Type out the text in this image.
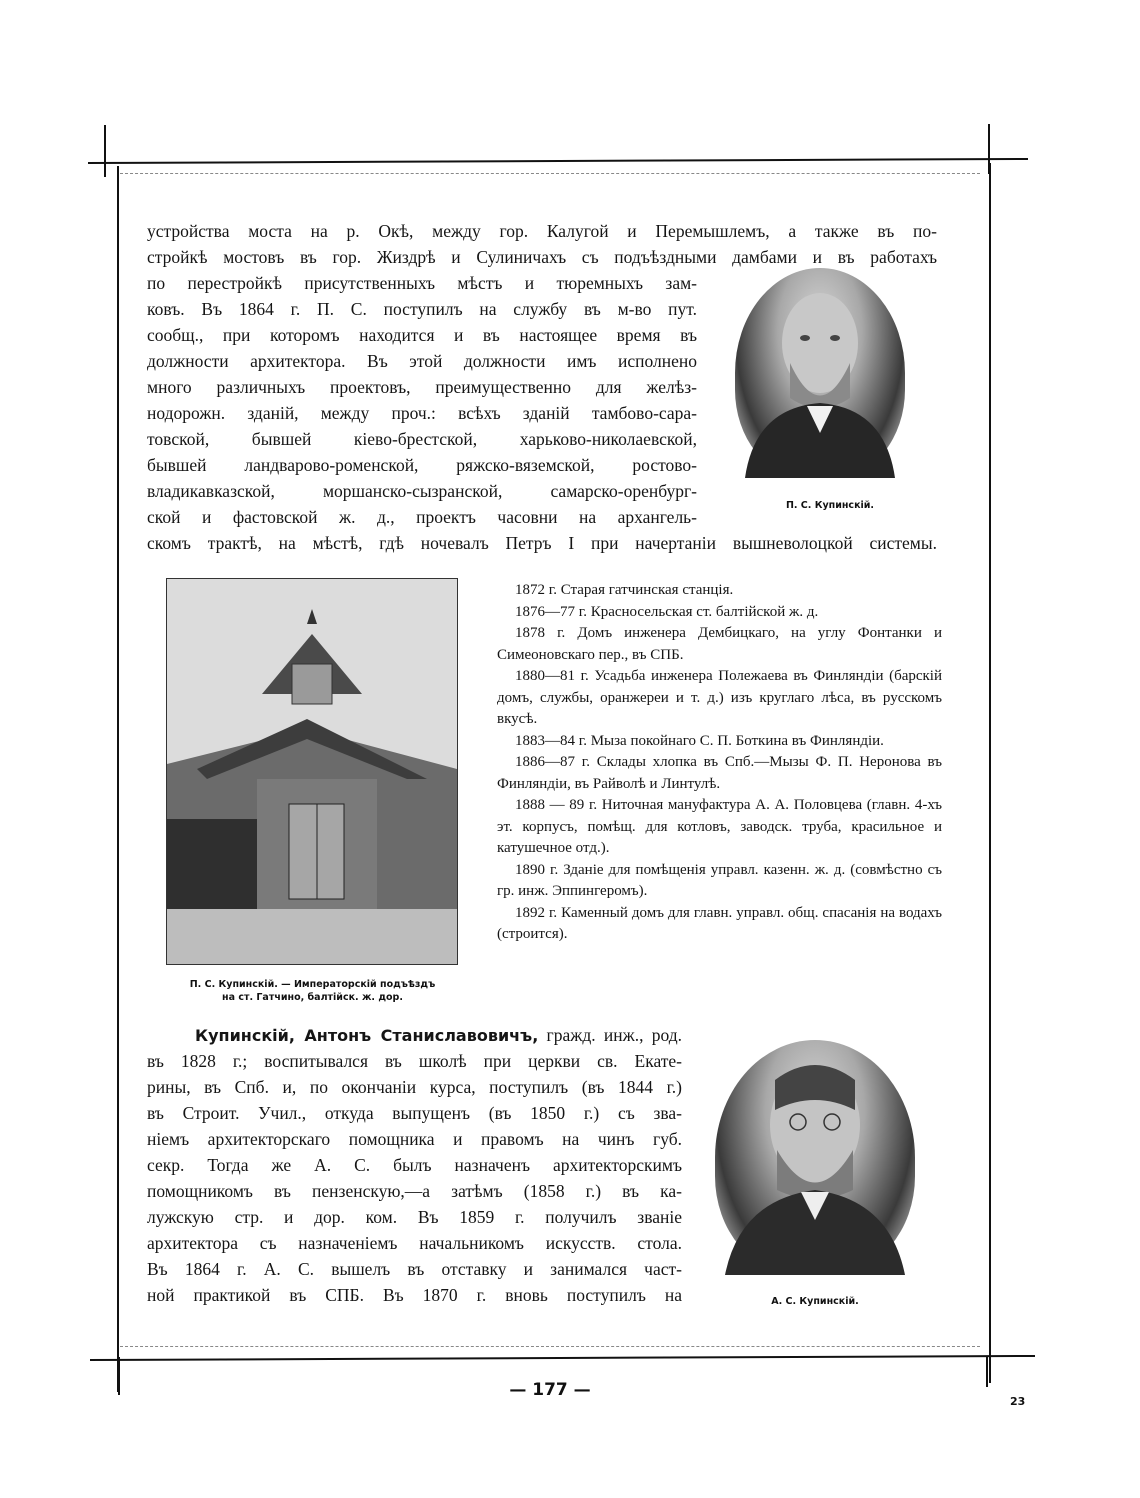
устройства моста на р. Окѣ, между гор. Калугой и Перемышлемъ, а также въ по-
стройкѣ мостовъ въ гор. Жиздрѣ и Сулиничахъ съ подъѣздными дамбами и въ работахъ
по перестройкѣ присутственныхъ мѣстъ и тюремныхъ зам-
ковъ. Въ 1864 г. П. С. поступилъ на службу въ м-во пут.
сообщ., при которомъ находится и въ настоящее время въ
должности архитектора. Въ этой должности имъ исполнено
много различныхъ проектовъ, преимущественно для желѣз-
нодорожн. зданій, между проч.: всѣхъ зданій тамбово-сара-
товской, бывшей кіево-брестской, харьково-николаевской,
бывшей ландварово-роменской, ряжско-вяземской, ростово-
владикавказской, моршанско-сызранской, самарско-оренбург-
ской и фастовской ж. д., проектъ часовни на архангель-
скомъ трактѣ, на мѣстѣ, гдѣ ночевалъ Петръ I при начертаніи вышневолоцкой системы.
П. С. Купинскій.
П. С. Купинскій. — Императорскій подъѣздъ
на ст. Гатчино, балтійск. ж. дор.

1872 г. Старая гатчинская станція.

1876—77 г. Красносельская ст. балтійской ж. д.

1878 г. Домъ инженера Дембицкаго, на углу Фонтанки и Симеоновскаго пер., въ СПБ.

1880—81 г. Усадьба инженера Полежаева въ Финляндіи (барскій домъ, службы, оранжереи и т. д.) изъ круглаго лѣса, въ русскомъ вкусѣ.

1883—84 г. Мыза покойнаго С. П. Боткина въ Финляндіи.

1886—87 г. Склады хлопка въ Спб.—Мызы Ф. П. Неронова въ Финляндіи, въ Райволѣ и Линтулѣ.

1888 — 89 г. Ниточная мануфактура А. А. Половцева (главн. 4-хъ эт. корпусъ, помѣщ. для котловъ, заводск. труба, красильное и катушечное отд.).

1890 г. Зданіе для помѣщенія управл. казенн. ж. д. (совмѣстно съ гр. инж. Эппингеромъ).

1892 г. Каменный домъ для главн. управл. общ. спасанія на водахъ (строится).

Купинскій, Антонъ Станиславовичъ, гражд. инж., род.
въ 1828 г.; воспитывался въ школѣ при церкви св. Екате-
рины, въ Спб. и, по окончаніи курса, поступилъ (въ 1844 г.)
въ Строит. Учил., откуда выпущенъ (въ 1850 г.) съ зва-
ніемъ архитекторскаго помощника и правомъ на чинъ губ.
секр. Тогда же А. С. былъ назначенъ архитекторскимъ
помощникомъ въ пензенскую,—а затѣмъ (1858 г.) въ ка-
лужскую стр. и дор. ком. Въ 1859 г. получилъ званіе
архитектора съ назначеніемъ начальникомъ искусств. стола.
Въ 1864 г. А. С. вышелъ въ отставку и занимался част-
ной практикой въ СПБ. Въ 1870 г. вновь поступилъ на	А. С. Купинскій.
— 177 —
23
